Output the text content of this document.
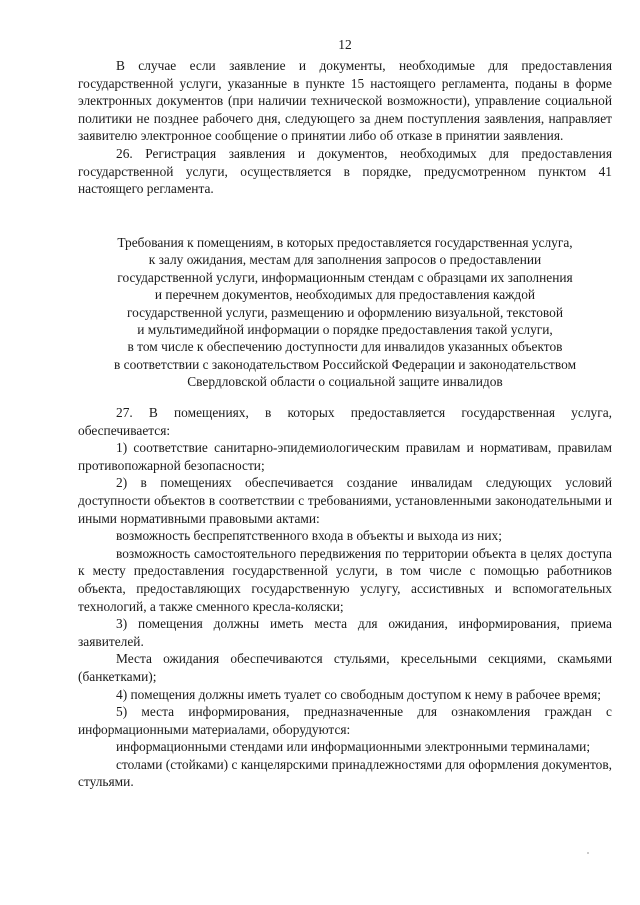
12

В случае если заявление и документы, необходимые для предоставления государственной услуги, указанные в пункте 15 настоящего регламента, поданы в форме электронных документов (при наличии технической возможности), управление социальной политики не позднее рабочего дня, следующего за днем поступления заявления, направляет заявителю электронное сообщение о принятии либо об отказе в принятии заявления.

26. Регистрация заявления и документов, необходимых для предоставления государственной услуги, осуществляется в порядке, предусмотренном пунктом 41 настоящего регламента.

Требования к помещениям, в которых предоставляется государственная услуга,
к залу ожидания, местам для заполнения запросов о предоставлении
государственной услуги, информационным стендам с образцами их заполнения
и перечнем документов, необходимых для предоставления каждой
государственной услуги, размещению и оформлению визуальной, текстовой
и мультимедийной информации о порядке предоставления такой услуги,
в том числе к обеспечению доступности для инвалидов указанных объектов
в соответствии с законодательством Российской Федерации и законодательством
Свердловской области о социальной защите инвалидов

27. В помещениях, в которых предоставляется государственная услуга, обеспечивается:

1) соответствие санитарно-эпидемиологическим правилам и нормативам, правилам противопожарной безопасности;

2) в помещениях обеспечивается создание инвалидам следующих условий доступности объектов в соответствии с требованиями, установленными законодательными и иными нормативными правовыми актами:

возможность беспрепятственного входа в объекты и выхода из них;

возможность самостоятельного передвижения по территории объекта в целях доступа к месту предоставления государственной услуги, в том числе с помощью работников объекта, предоставляющих государственную услугу, ассистивных и вспомогательных технологий, а также сменного кресла-коляски;

3) помещения должны иметь места для ожидания, информирования, приема заявителей.

Места ожидания обеспечиваются стульями, кресельными секциями, скамьями (банкетками);

4) помещения должны иметь туалет со свободным доступом к нему в рабочее время;

5) места информирования, предназначенные для ознакомления граждан с информационными материалами, оборудуются:

информационными стендами или информационными электронными терминалами;

столами (стойками) с канцелярскими принадлежностями для оформления документов, стульями.
